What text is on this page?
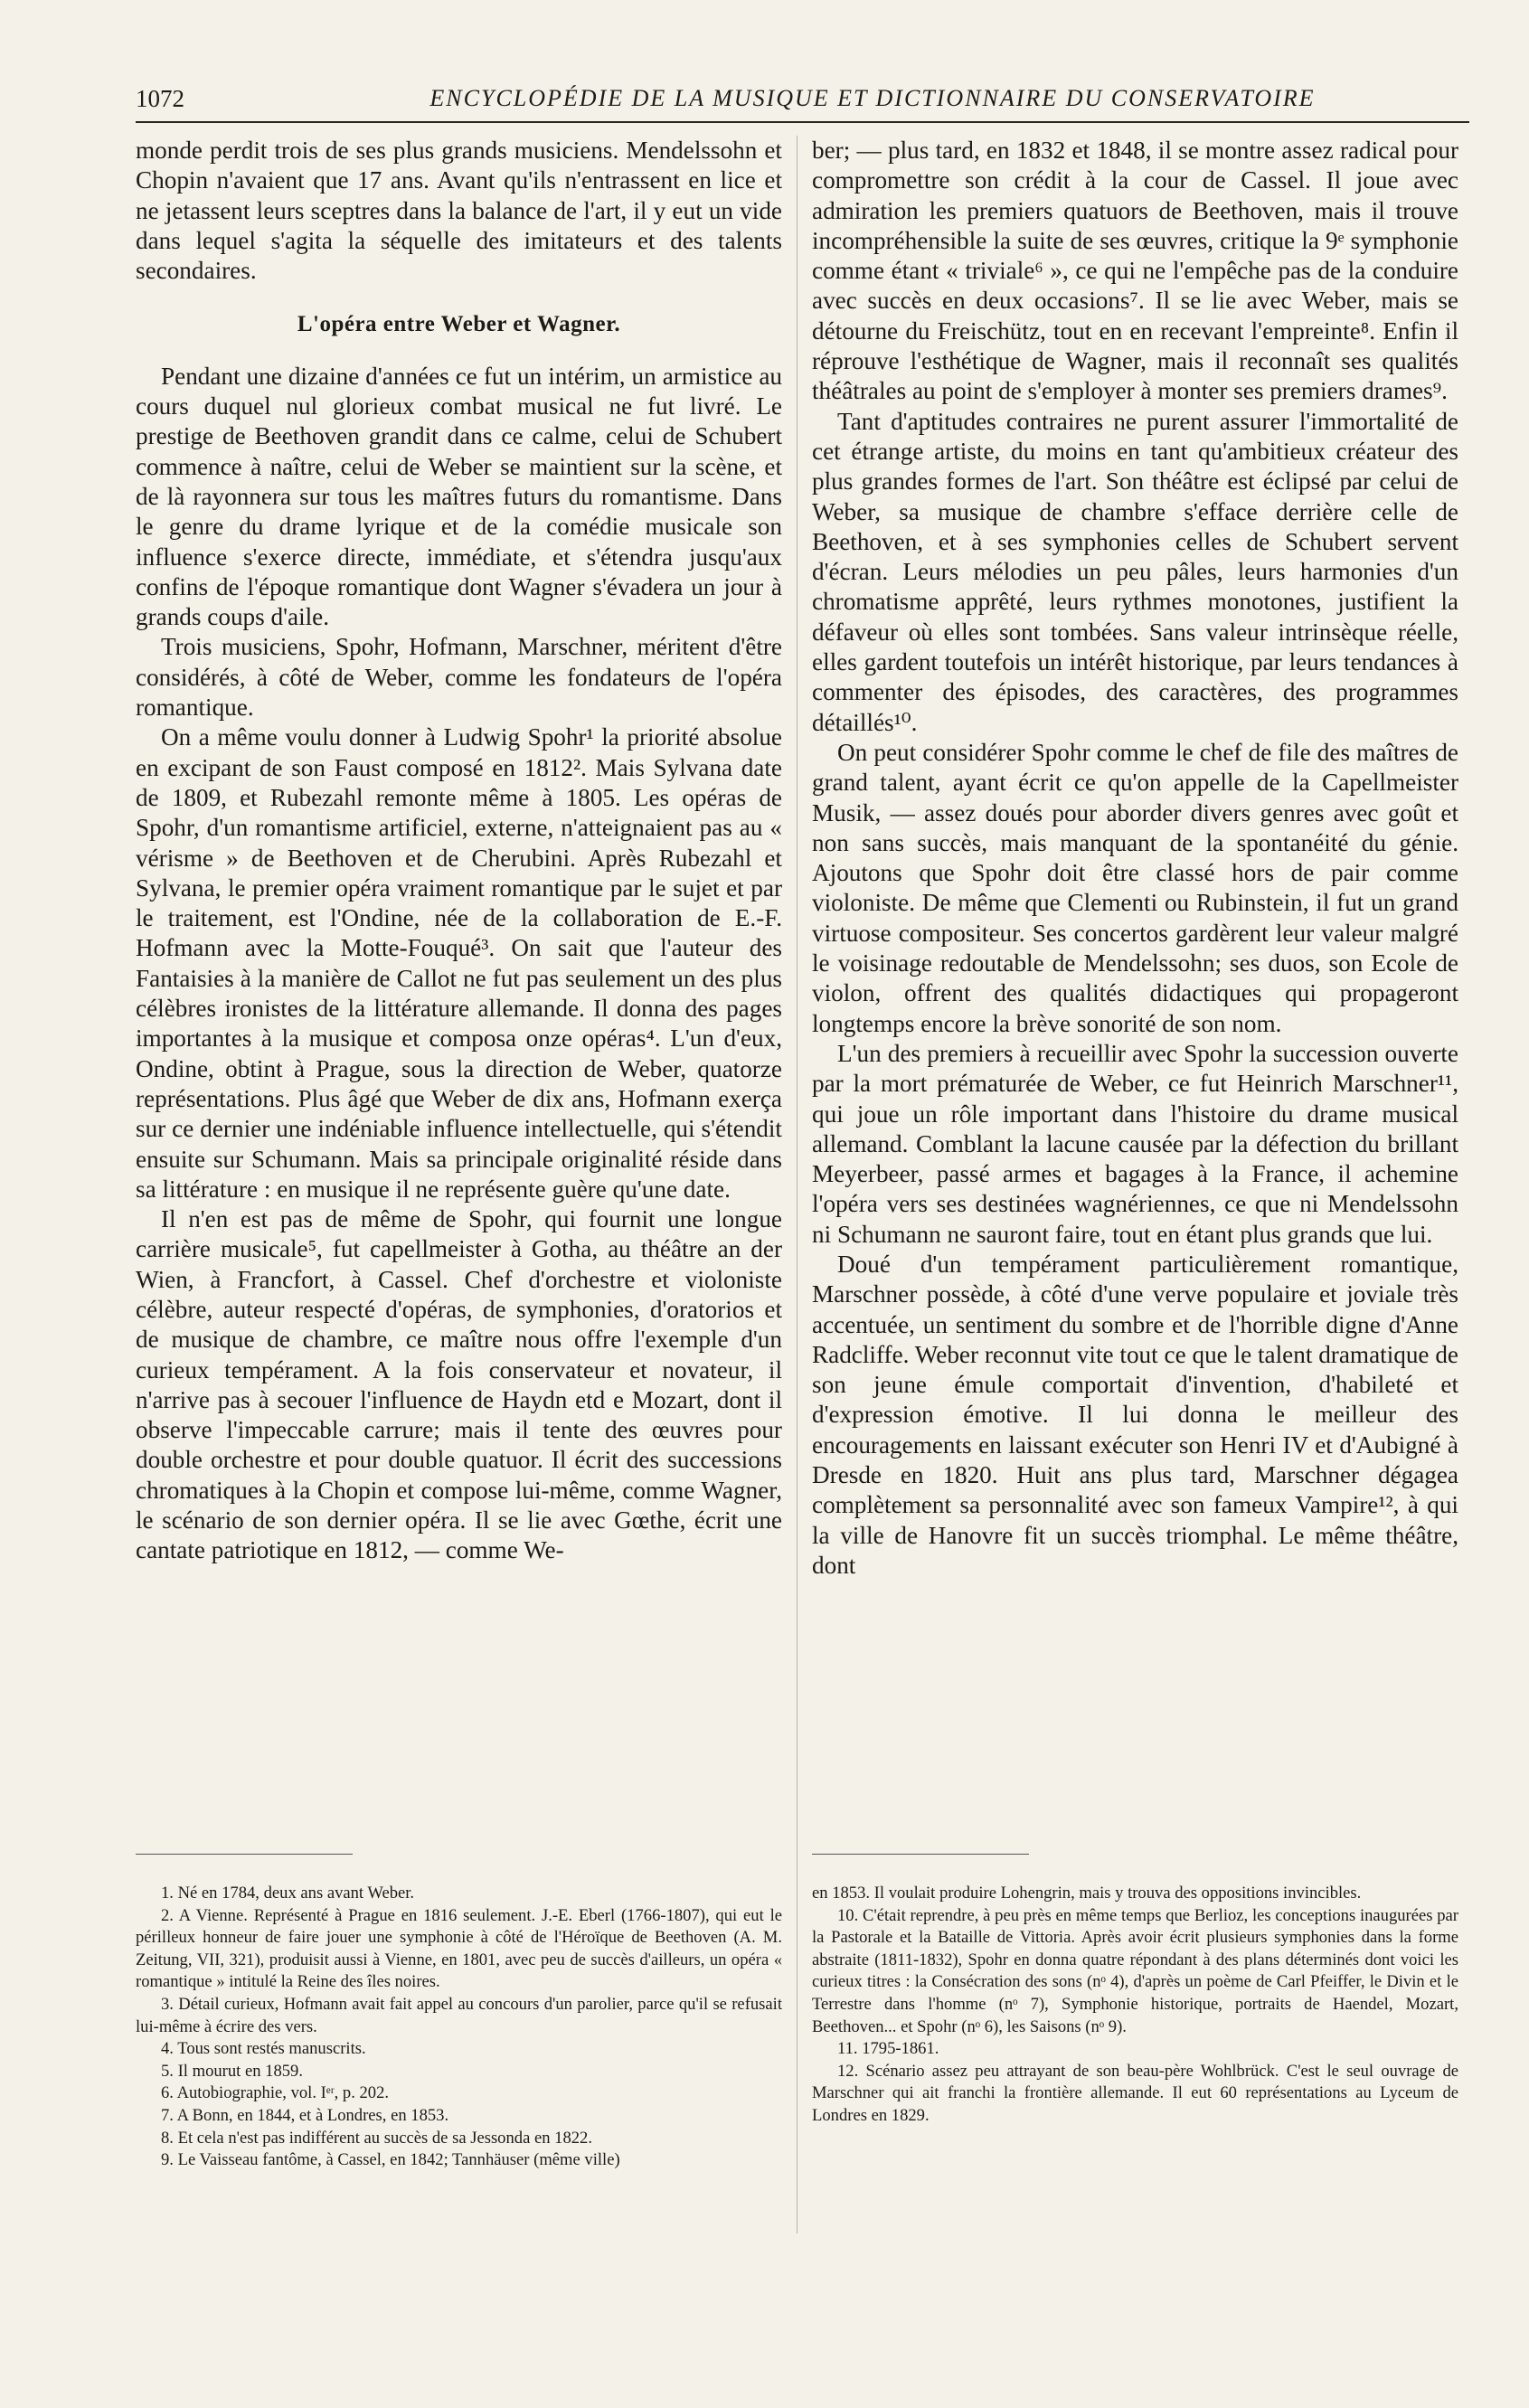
1072	ENCYCLOPÉDIE DE LA MUSIQUE ET DICTIONNAIRE DU CONSERVATOIRE

monde perdit trois de ses plus grands musiciens. Mendelssohn et Chopin n'avaient que 17 ans. Avant qu'ils n'entrassent en lice et ne jetassent leurs sceptres dans la balance de l'art, il y eut un vide dans lequel s'agita la séquelle des imitateurs et des talents secondaires.

L'opéra entre Weber et Wagner.

Pendant une dizaine d'années ce fut un intérim, un armistice au cours duquel nul glorieux combat musical ne fut livré. Le prestige de Beethoven grandit dans ce calme, celui de Schubert commence à naître, celui de Weber se maintient sur la scène, et de là rayonnera sur tous les maîtres futurs du romantisme. Dans le genre du drame lyrique et de la comédie musicale son influence s'exerce directe, immédiate, et s'étendra jusqu'aux confins de l'époque romantique dont Wagner s'évadera un jour à grands coups d'aile.

Trois musiciens, Spohr, Hofmann, Marschner, méritent d'être considérés, à côté de Weber, comme les fondateurs de l'opéra romantique.

On a même voulu donner à Ludwig Spohr¹ la priorité absolue en excipant de son Faust composé en 1812². Mais Sylvana date de 1809, et Rubezahl remonte même à 1805. Les opéras de Spohr, d'un romantisme artificiel, externe, n'atteignaient pas au « vérisme » de Beethoven et de Cherubini. Après Rubezahl et Sylvana, le premier opéra vraiment romantique par le sujet et par le traitement, est l'Ondine, née de la collaboration de E.-F. Hofmann avec la Motte-Fouqué³. On sait que l'auteur des Fantaisies à la manière de Callot ne fut pas seulement un des plus célèbres ironistes de la littérature allemande. Il donna des pages importantes à la musique et composa onze opéras⁴. L'un d'eux, Ondine, obtint à Prague, sous la direction de Weber, quatorze représentations. Plus âgé que Weber de dix ans, Hofmann exerça sur ce dernier une indéniable influence intellectuelle, qui s'étendit ensuite sur Schumann. Mais sa principale originalité réside dans sa littérature : en musique il ne représente guère qu'une date.

Il n'en est pas de même de Spohr, qui fournit une longue carrière musicale⁵, fut capellmeister à Gotha, au théâtre an der Wien, à Francfort, à Cassel. Chef d'orchestre et violoniste célèbre, auteur respecté d'opéras, de symphonies, d'oratorios et de musique de chambre, ce maître nous offre l'exemple d'un curieux tempérament. A la fois conservateur et novateur, il n'arrive pas à secouer l'influence de Haydn etd e Mozart, dont il observe l'impeccable carrure; mais il tente des œuvres pour double orchestre et pour double quatuor. Il écrit des successions chromatiques à la Chopin et compose lui-même, comme Wagner, le scénario de son dernier opéra. Il se lie avec Gœthe, écrit une cantate patriotique en 1812, — comme We-

ber; — plus tard, en 1832 et 1848, il se montre assez radical pour compromettre son crédit à la cour de Cassel. Il joue avec admiration les premiers quatuors de Beethoven, mais il trouve incompréhensible la suite de ses œuvres, critique la 9ᵉ symphonie comme étant « triviale⁶ », ce qui ne l'empêche pas de la conduire avec succès en deux occasions⁷. Il se lie avec Weber, mais se détourne du Freischütz, tout en en recevant l'empreinte⁸. Enfin il réprouve l'esthétique de Wagner, mais il reconnaît ses qualités théâtrales au point de s'employer à monter ses premiers drames⁹.

Tant d'aptitudes contraires ne purent assurer l'immortalité de cet étrange artiste, du moins en tant qu'ambitieux créateur des plus grandes formes de l'art. Son théâtre est éclipsé par celui de Weber, sa musique de chambre s'efface derrière celle de Beethoven, et à ses symphonies celles de Schubert servent d'écran. Leurs mélodies un peu pâles, leurs harmonies d'un chromatisme apprêté, leurs rythmes monotones, justifient la défaveur où elles sont tombées. Sans valeur intrinsèque réelle, elles gardent toutefois un intérêt historique, par leurs tendances à commenter des épisodes, des caractères, des programmes détaillés¹⁰.

On peut considérer Spohr comme le chef de file des maîtres de grand talent, ayant écrit ce qu'on appelle de la Capellmeister Musik, — assez doués pour aborder divers genres avec goût et non sans succès, mais manquant de la spontanéité du génie. Ajoutons que Spohr doit être classé hors de pair comme violoniste. De même que Clementi ou Rubinstein, il fut un grand virtuose compositeur. Ses concertos gardèrent leur valeur malgré le voisinage redoutable de Mendelssohn; ses duos, son Ecole de violon, offrent des qualités didactiques qui propageront longtemps encore la brève sonorité de son nom.

L'un des premiers à recueillir avec Spohr la succession ouverte par la mort prématurée de Weber, ce fut Heinrich Marschner¹¹, qui joue un rôle important dans l'histoire du drame musical allemand. Comblant la lacune causée par la défection du brillant Meyerbeer, passé armes et bagages à la France, il achemine l'opéra vers ses destinées wagnériennes, ce que ni Mendelssohn ni Schumann ne sauront faire, tout en étant plus grands que lui.

Doué d'un tempérament particulièrement romantique, Marschner possède, à côté d'une verve populaire et joviale très accentuée, un sentiment du sombre et de l'horrible digne d'Anne Radcliffe. Weber reconnut vite tout ce que le talent dramatique de son jeune émule comportait d'invention, d'habileté et d'expression émotive. Il lui donna le meilleur des encouragements en laissant exécuter son Henri IV et d'Aubigné à Dresde en 1820. Huit ans plus tard, Marschner dégagea complètement sa personnalité avec son fameux Vampire¹², à qui la ville de Hanovre fit un succès triomphal. Le même théâtre, dont

1. Né en 1784, deux ans avant Weber.

2. A Vienne. Représenté à Prague en 1816 seulement. J.-E. Eberl (1766-1807), qui eut le périlleux honneur de faire jouer une symphonie à côté de l'Héroïque de Beethoven (A. M. Zeitung, VII, 321), produisit aussi à Vienne, en 1801, avec peu de succès d'ailleurs, un opéra « romantique » intitulé la Reine des îles noires.

3. Détail curieux, Hofmann avait fait appel au concours d'un parolier, parce qu'il se refusait lui-même à écrire des vers.

4. Tous sont restés manuscrits.

5. Il mourut en 1859.

6. Autobiographie, vol. Iᵉʳ, p. 202.

7. A Bonn, en 1844, et à Londres, en 1853.

8. Et cela n'est pas indifférent au succès de sa Jessonda en 1822.

9. Le Vaisseau fantôme, à Cassel, en 1842; Tannhäuser (même ville)

en 1853. Il voulait produire Lohengrin, mais y trouva des oppositions invincibles.

10. C'était reprendre, à peu près en même temps que Berlioz, les conceptions inaugurées par la Pastorale et la Bataille de Vittoria. Après avoir écrit plusieurs symphonies dans la forme abstraite (1811-1832), Spohr en donna quatre répondant à des plans déterminés dont voici les curieux titres : la Consécration des sons (nᵒ 4), d'après un poème de Carl Pfeiffer, le Divin et le Terrestre dans l'homme (nᵒ 7), Symphonie historique, portraits de Haendel, Mozart, Beethoven... et Spohr (nᵒ 6), les Saisons (nᵒ 9).

11. 1795-1861.

12. Scénario assez peu attrayant de son beau-père Wohlbrück. C'est le seul ouvrage de Marschner qui ait franchi la frontière allemande. Il eut 60 représentations au Lyceum de Londres en 1829.
